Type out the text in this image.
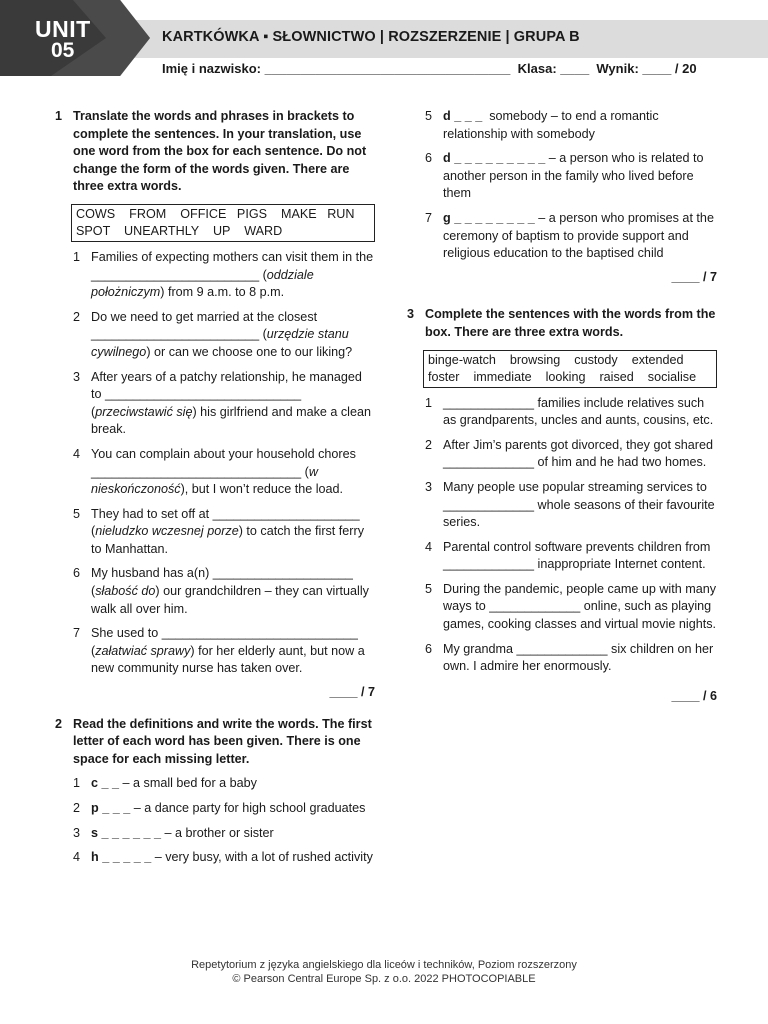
UNIT
05
KARTKÓWKA ▪ SŁOWNICTWO | ROZSZERZENIE | GRUPA B
Imię i nazwisko: __________________________________  Klasa: ____  Wynik: ____ / 20
1 Translate the words and phrases in brackets to complete the sentences. In your translation, use one word from the box for each sentence. Do not change the form of the words given. There are three extra words.
COWS    FROM    OFFICE   PIGS    MAKE   RUN
SPOT    UNEARTHLY    UP    WARD
1 Families of expecting mothers can visit them in the ________________________ (oddziale położniczym) from 9 a.m. to 8 p.m.
2 Do we need to get married at the closest ________________________ (urzędzie stanu cywilnego) or can we choose one to our liking?
3 After years of a patchy relationship, he managed to ____________________________ (przeciwstawić się) his girlfriend and make a clean break.
4 You can complain about your household chores ______________________________ (w nieskończoność), but I won’t reduce the load.
5 They had to set off at _____________________ (nieludzko wczesnej porze) to catch the first ferry to Manhattan.
6 My husband has a(n) ____________________ (słabość do) our grandchildren – they can virtually walk all over him.
7 She used to ____________________________ (załatwiać sprawy) for her elderly aunt, but now a new community nurse has taken over.
____ / 7
2 Read the definitions and write the words. The first letter of each word has been given. There is one space for each missing letter.
1 c _ _ – a small bed for a baby
2 p _ _ _ – a dance party for high school graduates
3 s _ _ _ _ _ _ – a brother or sister
4 h _ _ _ _ _ – very busy, with a lot of rushed activity
5 d _ _ _  somebody – to end a romantic relationship with somebody
6 d _ _ _ _ _ _ _ _ _ – a person who is related to another person in the family who lived before them
7 g _ _ _ _ _ _ _ _ – a person who promises at the ceremony of baptism to provide support and religious education to the baptised child
____ / 7
3 Complete the sentences with the words from the box. There are three extra words.
binge-watch    browsing    custody    extended
foster    immediate    looking    raised    socialise
1 _____________ families include relatives such as grandparents, uncles and aunts, cousins, etc.
2 After Jim’s parents got divorced, they got shared _____________ of him and he had two homes.
3 Many people use popular streaming services to _____________ whole seasons of their favourite series.
4 Parental control software prevents children from _____________ inappropriate Internet content.
5 During the pandemic, people came up with many ways to _____________ online, such as playing games, cooking classes and virtual movie nights.
6 My grandma _____________ six children on her own. I admire her enormously.
____ / 6
Repetytorium z języka angielskiego dla liceów i techników, Poziom rozszerzony
© Pearson Central Europe Sp. z o.o. 2022 PHOTOCOPIABLE
